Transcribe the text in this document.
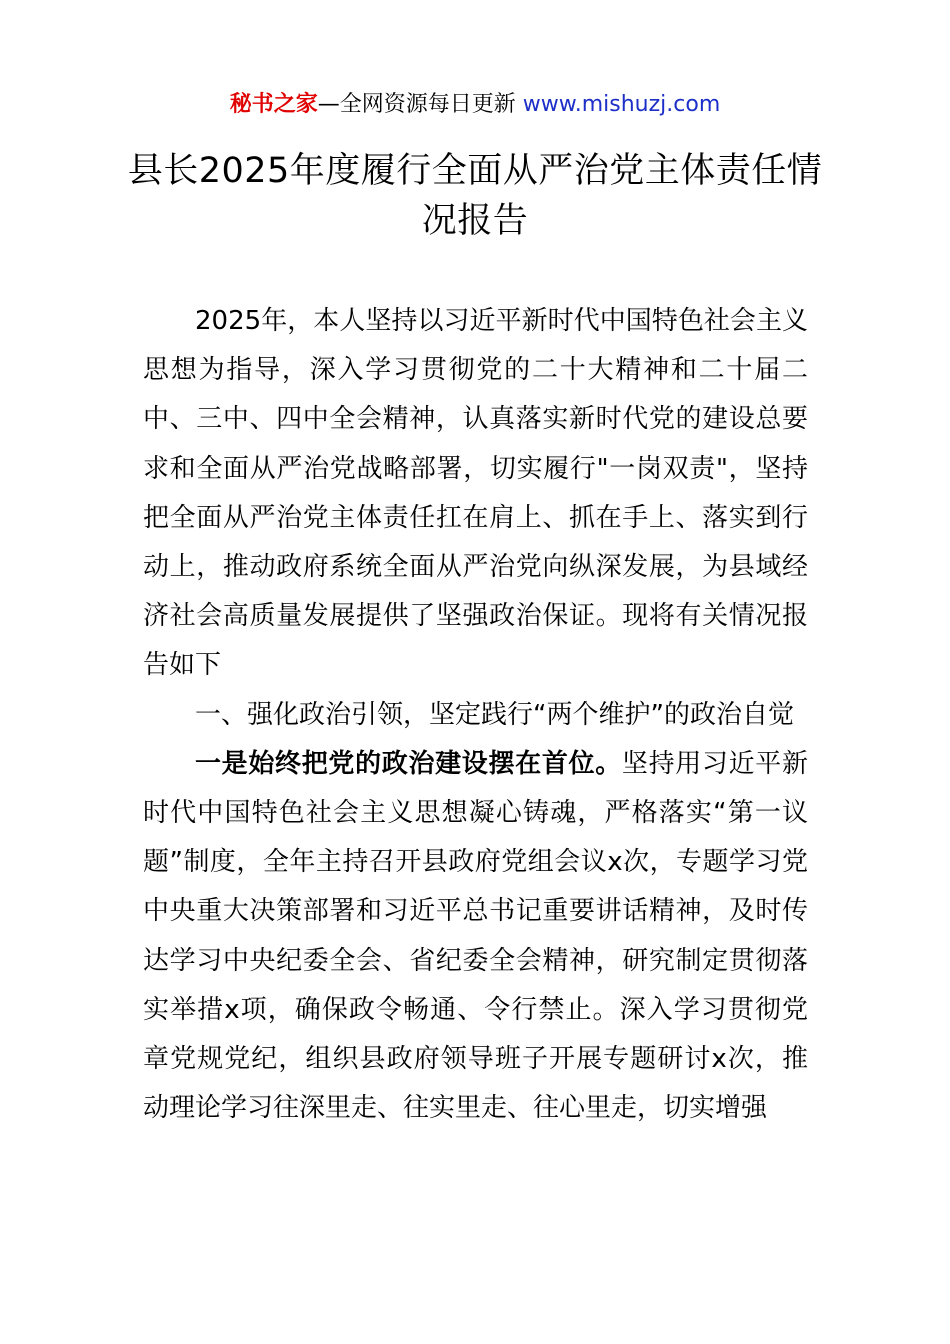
秘书之家—全网资源每日更新 www.mishuzj.com
县长2025年度履行全面从严治党主体责任情况报告

2025年，本人坚持以习近平新时代中国特色社会主义思想为指导，深入学习贯彻党的二十大精神和二十届二中、三中、四中全会精神，认真落实新时代党的建设总要求和全面从严治党战略部署，切实履行"一岗双责"，坚持把全面从严治党主体责任扛在肩上、抓在手上、落实到行动上，推动政府系统全面从严治党向纵深发展，为县域经济社会高质量发展提供了坚强政治保证。现将有关情况报告如下

一、强化政治引领，坚定践行“两个维护”的政治自觉

一是始终把党的政治建设摆在首位。坚持用习近平新时代中国特色社会主义思想凝心铸魂，严格落实“第一议题”制度，全年主持召开县政府党组会议x次，专题学习党中央重大决策部署和习近平总书记重要讲话精神，及时传达学习中央纪委全会、省纪委全会精神，研究制定贯彻落实举措x项，确保政令畅通、令行禁止。深入学习贯彻党章党规党纪，组织县政府领导班子开展专题研讨x次，推动理论学习往深里走、往实里走、往心里走，切实增强
